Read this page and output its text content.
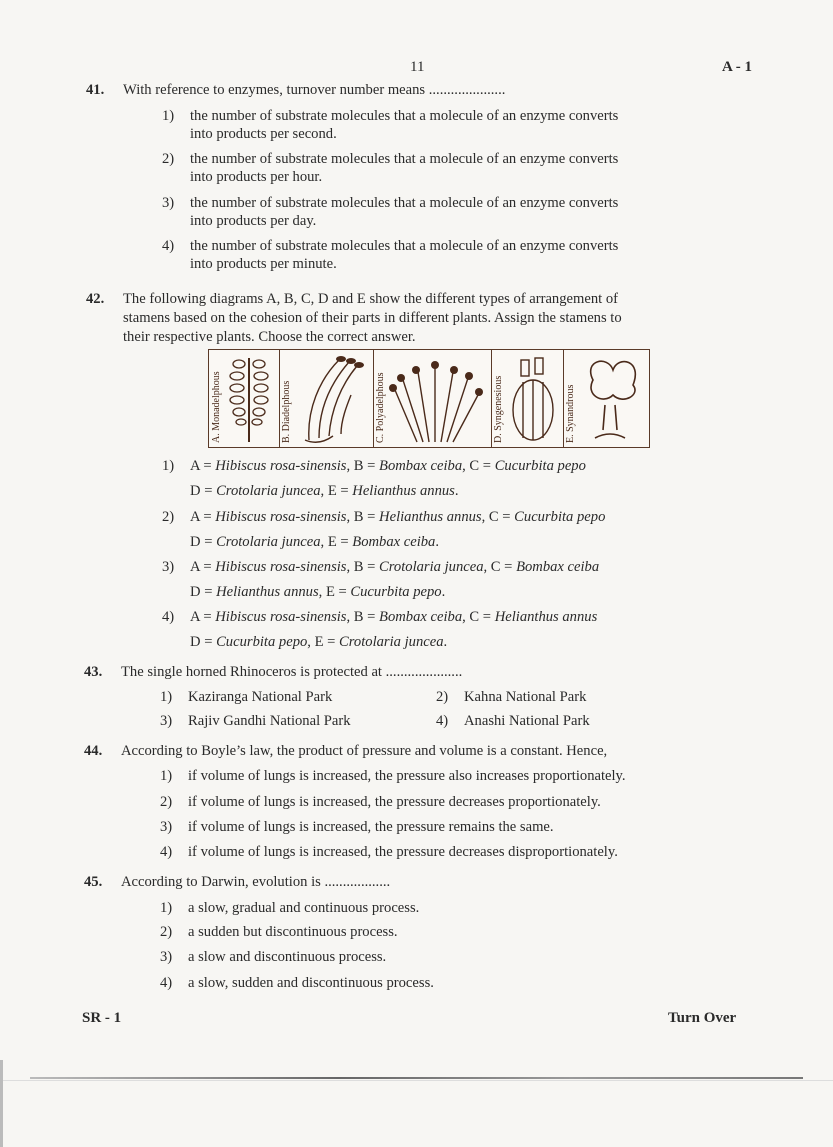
11	A - 1
41. With reference to enzymes, turnover number means .....................
1) the number of substrate molecules that a molecule of an enzyme converts
into products per second.
2) the number of substrate molecules that a molecule of an enzyme converts
into products per hour.
3) the number of substrate molecules that a molecule of an enzyme converts
into products per day.
4) the number of substrate molecules that a molecule of an enzyme converts
into products per minute.
42. The following diagrams A, B, C, D and E show the different types of arrangement of
stamens based on the cohesion of their parts in different plants. Assign the stamens to
their respective plants. Choose the correct answer.
A. Monadelphous	B. Diadelphous	C. Polyadelphous	D. Syngenesious	E. Synandrous
1) A = Hibiscus rosa-sinensis, B = Bombax ceiba, C = Cucurbita pepo
D = Crotolaria juncea, E = Helianthus annus.
2) A = Hibiscus rosa-sinensis, B = Helianthus annus, C = Cucurbita pepo
D = Crotolaria juncea, E = Bombax ceiba.
3) A = Hibiscus rosa-sinensis, B = Crotolaria juncea, C = Bombax ceiba
D = Helianthus annus, E = Cucurbita pepo.
4) A = Hibiscus rosa-sinensis, B = Bombax ceiba, C = Helianthus annus
D = Cucurbita pepo, E = Crotolaria juncea.
43. The single horned Rhinoceros is protected at .....................
1) Kaziranga National Park	2) Kahna National Park
3) Rajiv Gandhi National Park	4) Anashi National Park
44. According to Boyle’s law, the product of pressure and volume is a constant. Hence,
1) if volume of lungs is increased, the pressure also increases proportionately.
2) if volume of lungs is increased, the pressure decreases proportionately.
3) if volume of lungs is increased, the pressure remains the same.
4) if volume of lungs is increased, the pressure decreases disproportionately.
45. According to Darwin, evolution is ..................
1) a slow, gradual and continuous process.
2) a sudden but discontinuous process.
3) a slow and discontinuous process.
4) a slow, sudden and discontinuous process.
SR - 1	Turn Over
